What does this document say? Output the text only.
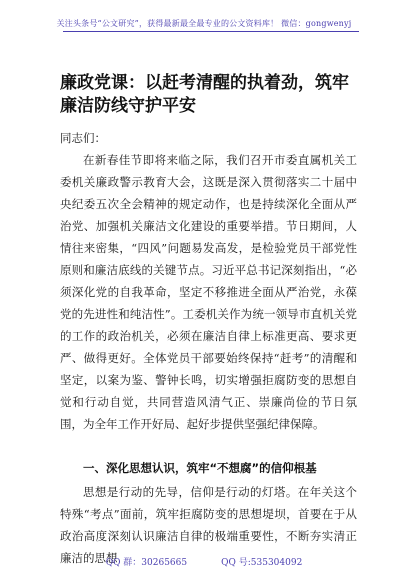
关注头条号“公文研究”，获得最新最全最专业的公文资料库！ 微信：gongwenyj
廉政党课：以赶考清醒的执着劲，筑牢廉洁防线守护平安
同志们：

在新春佳节即将来临之际，我们召开市委直属机关工委机关廉政警示教育大会，这既是深入贯彻落实二十届中央纪委五次全会精神的规定动作，也是持续深化全面从严治党、加强机关廉洁文化建设的重要举措。节日期间，人情往来密集，“四风”问题易发高发，是检验党员干部党性原则和廉洁底线的关键节点。习近平总书记深刻指出，“必须深化党的自我革命，坚定不移推进全面从严治党，永葆党的先进性和纯洁性”。工委机关作为统一领导市直机关党的工作的政治机关，必须在廉洁自律上标准更高、要求更严、做得更好。全体党员干部要始终保持“赶考”的清醒和坚定，以案为鉴、警钟长鸣，切实增强拒腐防变的思想自觉和行动自觉，共同营造风清气正、崇廉尚俭的节日氛围，为全年工作开好局、起好步提供坚强纪律保障。

一、深化思想认识，筑牢“不想腐”的信仰根基

思想是行动的先导，信仰是行动的灯塔。在年关这个特殊“考点”面前，筑牢拒腐防变的思想堤坝，首要在于从政治高度深刻认识廉洁自律的极端重要性，不断夯实清正廉洁的思想

QQ 群：30265665	QQ 号:535304092
